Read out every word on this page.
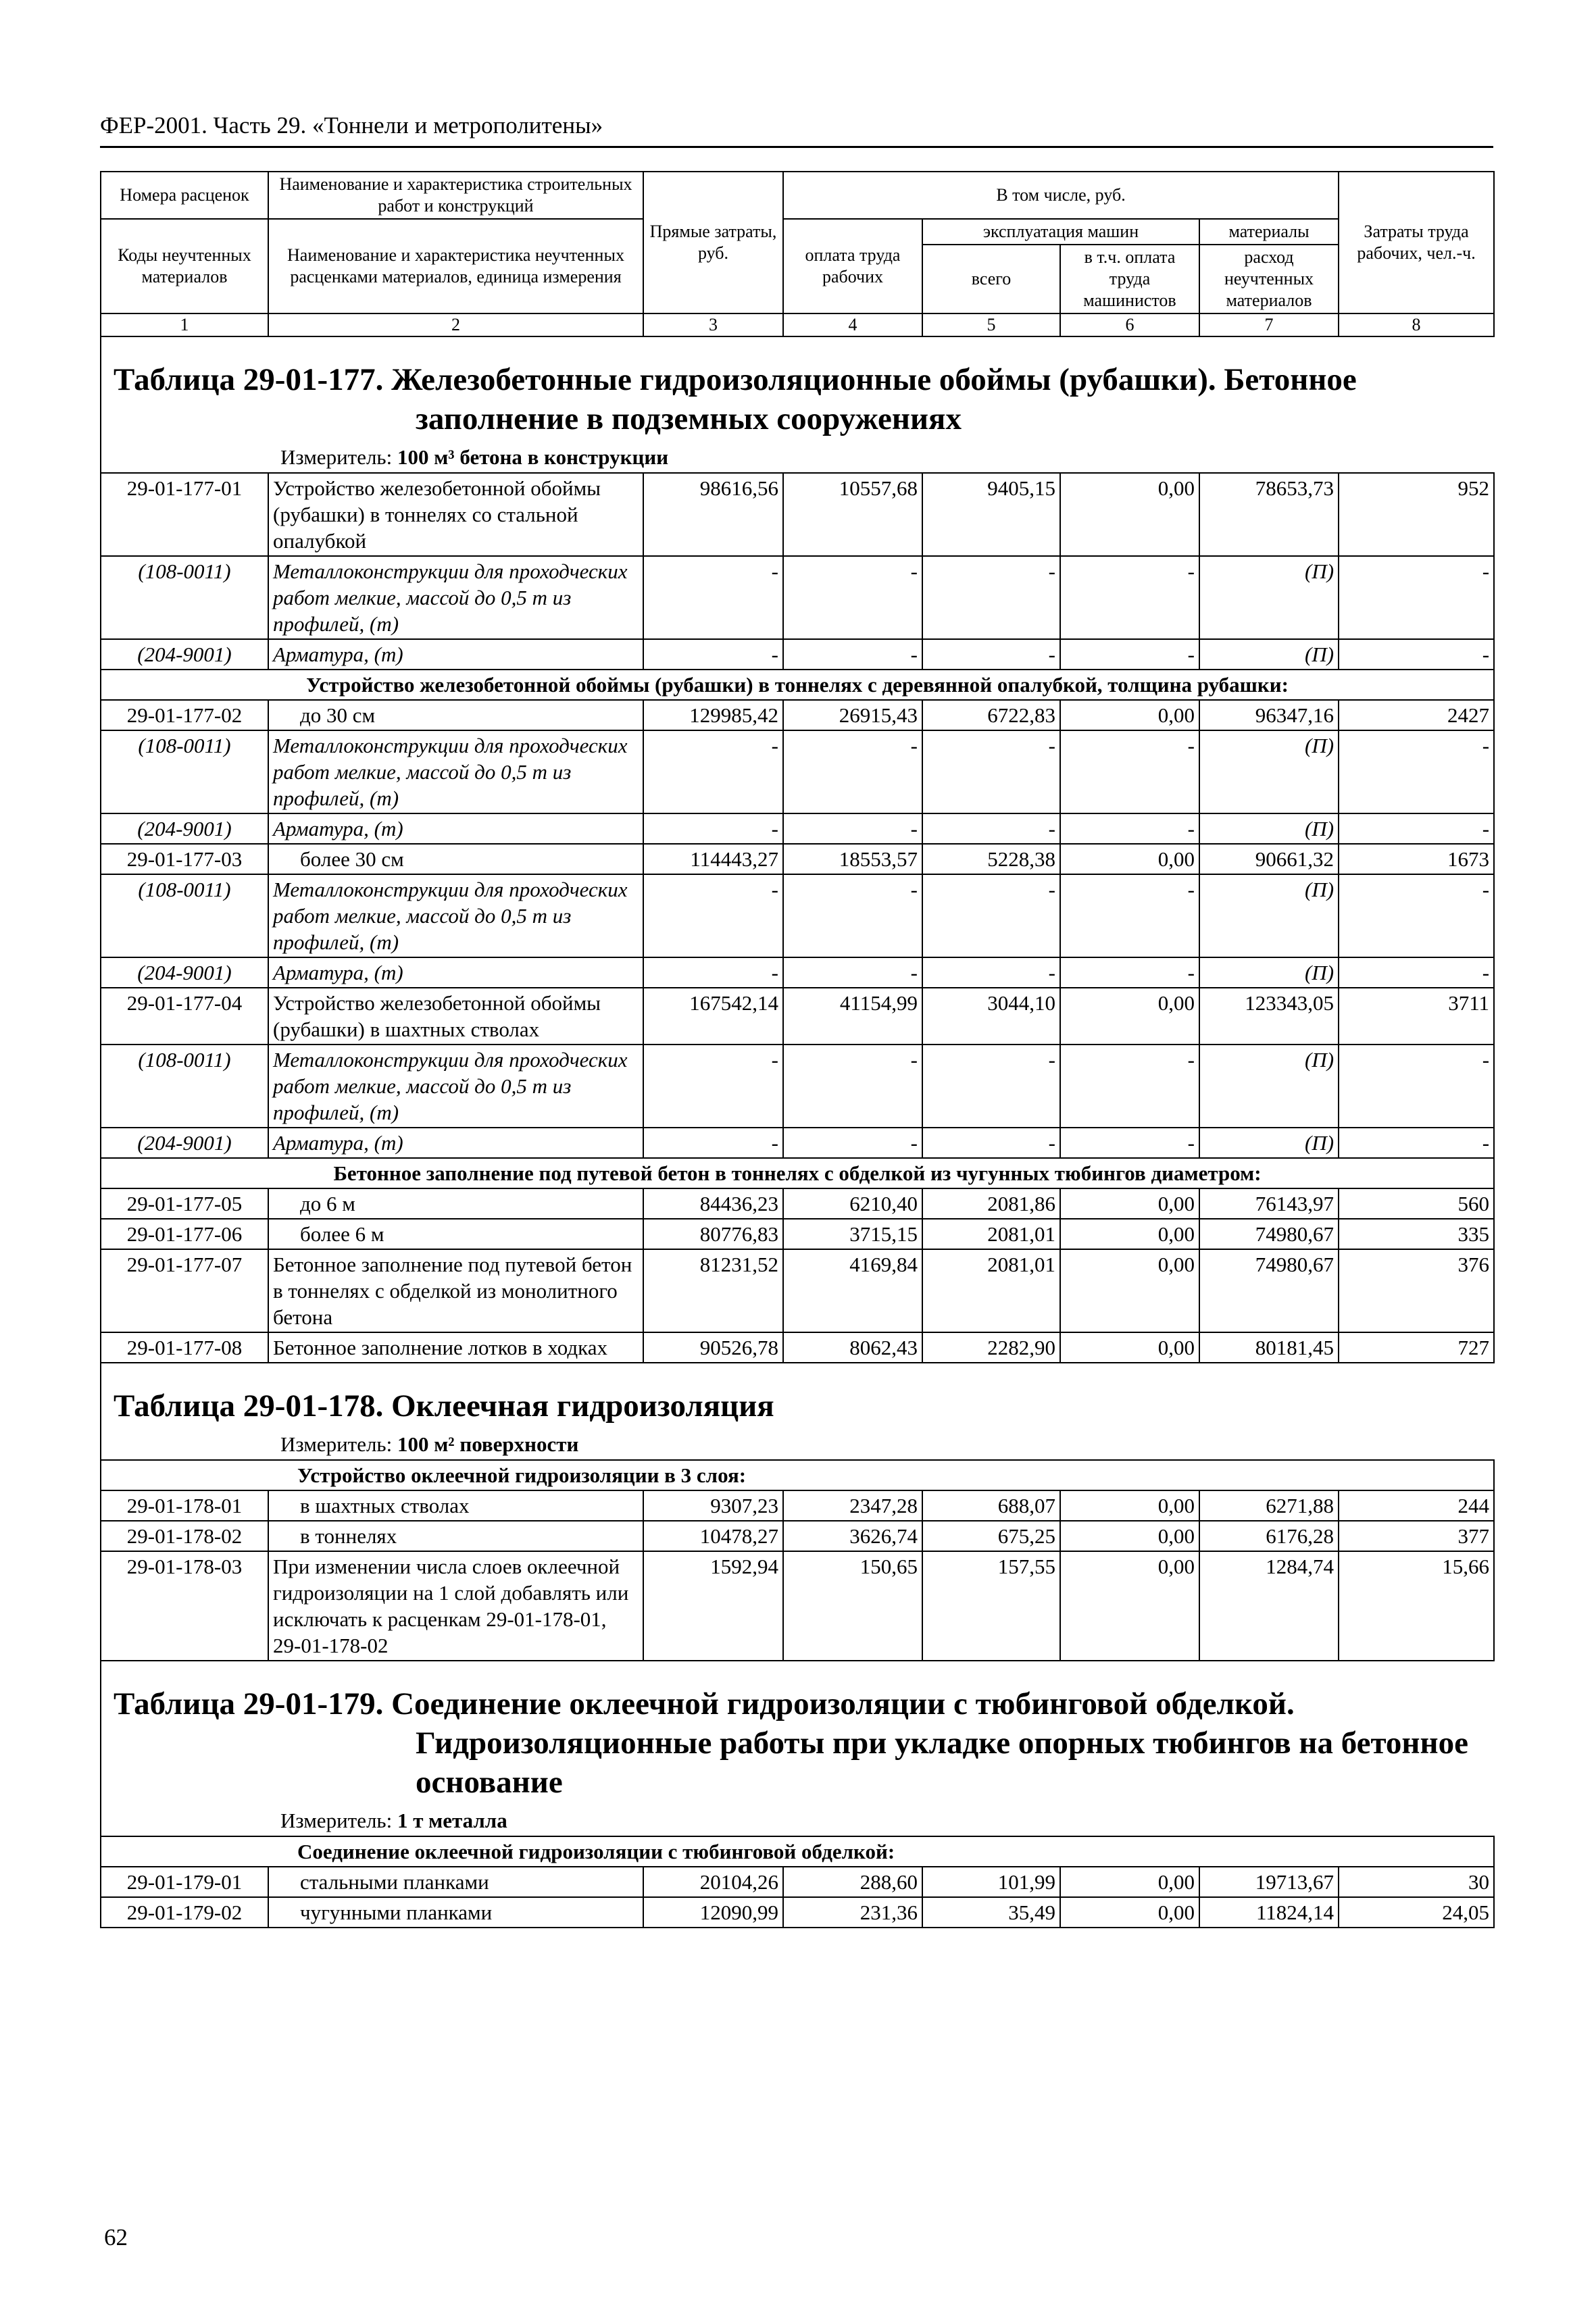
ФЕР-2001. Часть 29. «Тоннели и метрополитены»
Номера расценок	Наименование и характеристика строительных работ и конструкций	Прямые затраты, руб.	В том числе, руб.				Затраты труда рабочих, чел.-ч.
Коды неучтенных материалов	Наименование и характеристика неучтенных расценками материалов, единица измерения		оплата труда рабочих	эксплуатация машин		материалы	
				всего	в т.ч. оплата труда машинистов	расход неучтенных материалов	
1	2	3	4	5	6	7	8

Таблица 29-01-177. Железобетонные гидроизоляционные обоймы (рубашки). Бетонное
заполнение в подземных сооружениях
Измеритель: 100 м³ бетона в конструкции							

29-01-177-01	Устройство железобетонной обоймы (рубашки) в тоннелях со стальной опалубкой	98616,56	10557,68	9405,15	0,00	78653,73	952
(108-0011)	Металлоконструкции для проходческих работ мелкие, массой до 0,5 т из профилей, (т)	-	-	-	-	(П)	-
(204-9001)	Арматура, (т)	-	-	-	-	(П)	-
Устройство железобетонной обоймы (рубашки) в тоннелях с деревянной опалубкой, толщина рубашки:							
29-01-177-02	до 30 см	129985,42	26915,43	6722,83	0,00	96347,16	2427
(108-0011)	Металлоконструкции для проходческих работ мелкие, массой до 0,5 т из профилей, (т)	-	-	-	-	(П)	-
(204-9001)	Арматура, (т)	-	-	-	-	(П)	-
29-01-177-03	более 30 см	114443,27	18553,57	5228,38	0,00	90661,32	1673
(108-0011)	Металлоконструкции для проходческих работ мелкие, массой до 0,5 т из профилей, (т)	-	-	-	-	(П)	-
(204-9001)	Арматура, (т)	-	-	-	-	(П)	-
29-01-177-04	Устройство железобетонной обоймы (рубашки) в шахтных стволах	167542,14	41154,99	3044,10	0,00	123343,05	3711
(108-0011)	Металлоконструкции для проходческих работ мелкие, массой до 0,5 т из профилей, (т)	-	-	-	-	(П)	-
(204-9001)	Арматура, (т)	-	-	-	-	(П)	-
Бетонное заполнение под путевой бетон в тоннелях с обделкой из чугунных тюбингов диаметром:							
29-01-177-05	до 6 м	84436,23	6210,40	2081,86	0,00	76143,97	560
29-01-177-06	более 6 м	80776,83	3715,15	2081,01	0,00	74980,67	335
29-01-177-07	Бетонное заполнение под путевой бетон в тоннелях с обделкой из монолитного бетона	81231,52	4169,84	2081,01	0,00	74980,67	376
29-01-177-08	Бетонное заполнение лотков в ходках	90526,78	8062,43	2282,90	0,00	80181,45	727

Таблица 29-01-178. Оклеечная гидроизоляция
Измеритель: 100 м² поверхности							

Устройство оклеечной гидроизоляции в 3 слоя:							
29-01-178-01	в шахтных стволах	9307,23	2347,28	688,07	0,00	6271,88	244
29-01-178-02	в тоннелях	10478,27	3626,74	675,25	0,00	6176,28	377
29-01-178-03	При изменении числа слоев оклеечной гидроизоляции на 1 слой добавлять или исключать к расценкам 29-01-178-01, 29-01-178-02	1592,94	150,65	157,55	0,00	1284,74	15,66

Таблица 29-01-179. Соединение оклеечной гидроизоляции с тюбинговой обделкой.
Гидроизоляционные работы при укладке опорных тюбингов на бетонное основание
Измеритель: 1 т металла							

Соединение оклеечной гидроизоляции с тюбинговой обделкой:							
29-01-179-01	стальными планками	20104,26	288,60	101,99	0,00	19713,67	30
29-01-179-02	чугунными планками	12090,99	231,36	35,49	0,00	11824,14	24,05
62
